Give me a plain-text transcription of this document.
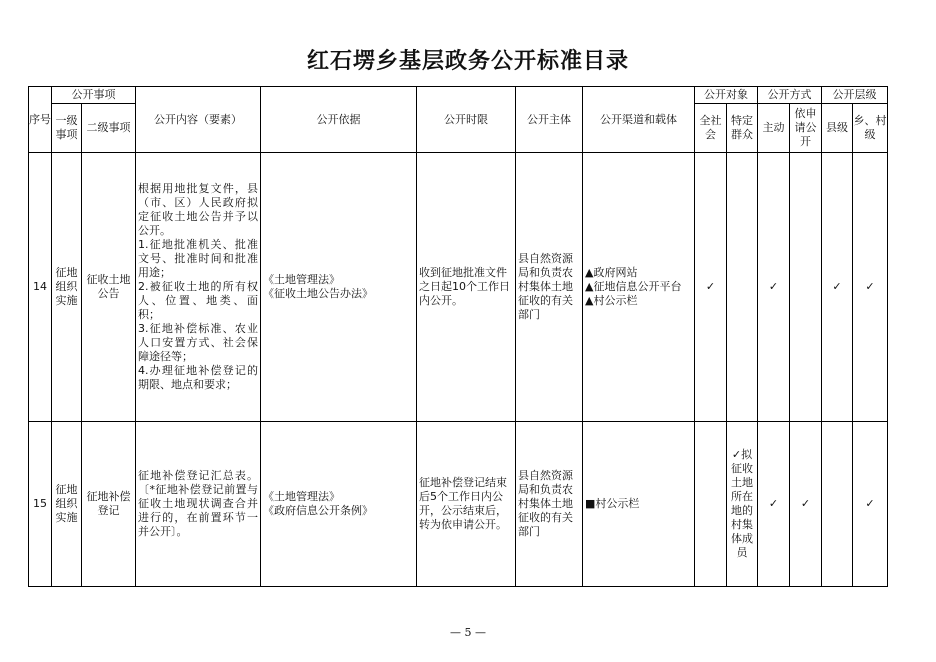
红石塄乡基层政务公开标准目录
序号	公开事项		公开内容（要素）	公开依据	公开时限	公开主体	公开渠道和载体	公开对象		公开方式		公开层级	
	一级事项	二级事项						全社会	特定群众	主动	依申请公开	县级	乡、村级
14	征地组织实施	征收土地公告	根据用地批复文件，县（市、区）人民政府拟定征收土地公告并予以公开。
1.征地批准机关、批准文号、批准时间和批准用途；
2.被征收土地的所有权人、位置、地类、面积；
3.征地补偿标准、农业人口安置方式、社会保障途径等；
4.办理征地补偿登记的期限、地点和要求；	《土地管理法》
《征收土地公告办法》	收到征地批准文件之日起10个工作日内公开。	县自然资源局和负责农村集体土地征收的有关部门	▲政府网站
▲征地信息公开平台
▲村公示栏	✓		✓		✓	✓
15	征地组织实施	征地补偿登记	征地补偿登记汇总表。〔*征地补偿登记前置与征收土地现状调查合并进行的，在前置环节一并公开〕。	《土地管理法》
《政府信息公开条例》	征地补偿登记结束后5个工作日内公开，公示结束后，转为依申请公开。	县自然资源局和负责农村集体土地征收的有关部门	■村公示栏		✓拟征收土地所在地的村集体成员	✓	✓		✓
— 5 —
